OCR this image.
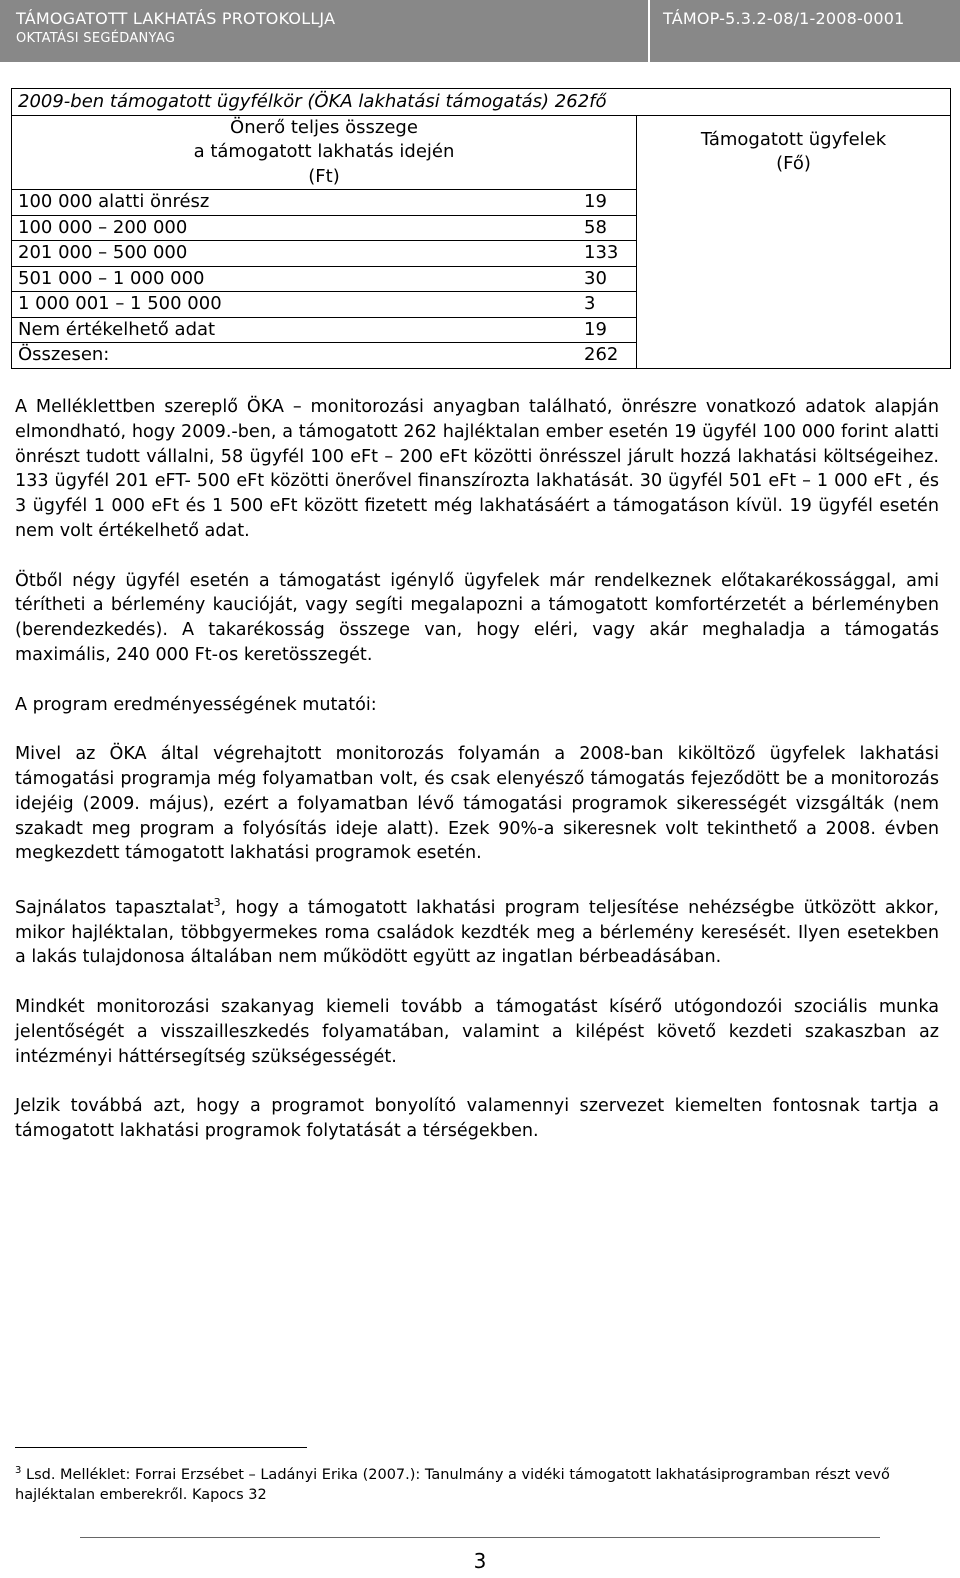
TÁMOGATOTT LAKHATÁS PROTOKOLLJA
OKTATÁSI SEGÉDANYAG
TÁMOP-5.3.2-08/1-2008-0001
2009-ben támogatott ügyfélkör (ÖKA lakhatási támogatás) 262fő

Önerő teljes összege
a támogatott lakhatás idején
(Ft)

Támogatott ügyfelek
(Fő)

100 000 alatti önrész	19

100 000 – 200 000	58

201 000 – 500 000	133

501 000 – 1 000 000	30

1 000 001 – 1 500 000	3

Nem értékelhető adat	19

Összesen:	262

A Melléklettben szereplő ÖKA – monitorozási anyagban található, önrészre vonatkozó adatok alapján elmondható, hogy 2009.-ben, a támogatott 262 hajléktalan ember esetén 19 ügyfél 100 000 forint alatti önrészt tudott vállalni, 58 ügyfél 100 eFt – 200 eFt közötti önrésszel járult hozzá lakhatási költségeihez. 133 ügyfél 201 eFT- 500 eFt közötti önerővel finanszírozta lakhatását. 30 ügyfél 501 eFt – 1 000 eFt , és 3 ügyfél 1 000 eFt és 1 500 eFt között fizetett még lakhatásáért a támogatáson kívül. 19 ügyfél esetén nem volt értékelhető adat.

Ötből négy ügyfél esetén a támogatást igénylő ügyfelek már rendelkeznek előtakarékossággal, ami térítheti a bérlemény kaucióját, vagy segíti megalapozni a támogatott komfortérzetét a bérleményben (berendezkedés). A takarékosság összege van, hogy eléri, vagy akár meghaladja a támogatás maximális, 240 000 Ft-os keretösszegét.

A program eredményességének mutatói:

Mivel az ÖKA által végrehajtott monitorozás folyamán a 2008-ban kiköltöző ügyfelek lakhatási támogatási programja még folyamatban volt, és csak elenyésző támogatás fejeződött be a monitorozás idejéig (2009. május), ezért a folyamatban lévő támogatási programok sikerességét vizsgálták (nem szakadt meg program a folyósítás ideje alatt). Ezek 90%-a sikeresnek volt tekinthető a 2008. évben megkezdett támogatott lakhatási programok esetén.

Sajnálatos tapasztalat$^3$, hogy a támogatott lakhatási program teljesítése nehézségbe ütközött akkor, mikor hajléktalan, többgyermekes roma családok kezdték meg a bérlemény keresését. Ilyen esetekben a lakás tulajdonosa általában nem működött együtt az ingatlan bérbeadásában.

Mindkét monitorozási szakanyag kiemeli tovább a támogatást kísérő utógondozói szociális munka jelentőségét a visszailleszkedés folyamatában, valamint a kilépést követő kezdeti szakaszban az intézményi háttérsegítség szükségességét.

Jelzik továbbá azt, hogy a programot bonyolító valamennyi szervezet kiemelten fontosnak tartja a támogatott lakhatási programok folytatását a térségekben.

$^3$ Lsd. Melléklet: Forrai Erzsébet – Ladányi Erika (2007.): Tanulmány a vidéki támogatott lakhatásiprogramban részt vevő hajléktalan emberekről. Kapocs 32
3
